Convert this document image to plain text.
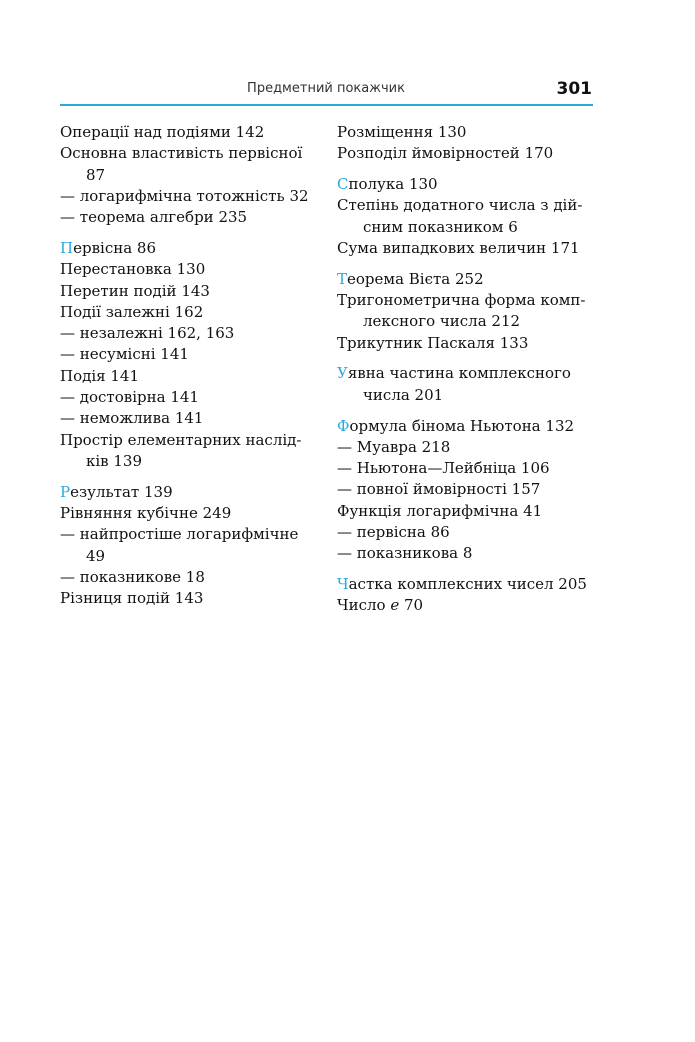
Предметний покажчик	301
Операції над подіями 142
Основна властивість первісної
87
— логарифмічна тотожність 32
— теорема алгебри 235
Первісна 86
Перестановка 130
Перетин подій 143
Події залежні 162
— незалежні 162, 163
— несумісні 141
Подія 141
— достовірна 141
— неможлива 141
Простір елементарних наслід-
ків 139
Результат 139
Рівняння кубічне 249
— найпростіше логарифмічне
49
— показникове 18
Різниця подій 143
Розміщення 130
Розподіл ймовірностей 170
Сполука 130
Степінь додатного числа з дій-
сним показником 6
Сума випадкових величин 171
Теорема Вієта 252
Тригонометрична форма комп-
лексного числа 212
Трикутник Паскаля 133
Уявна частина комплексного
числа 201
Формула бінома Ньютона 132
— Муавра 218
— Ньютона—Лейбніца 106
— повної ймовірності 157
Функція логарифмічна 41
— первісна 86
— показникова 8
Частка комплексних чисел 205
Число e 70
